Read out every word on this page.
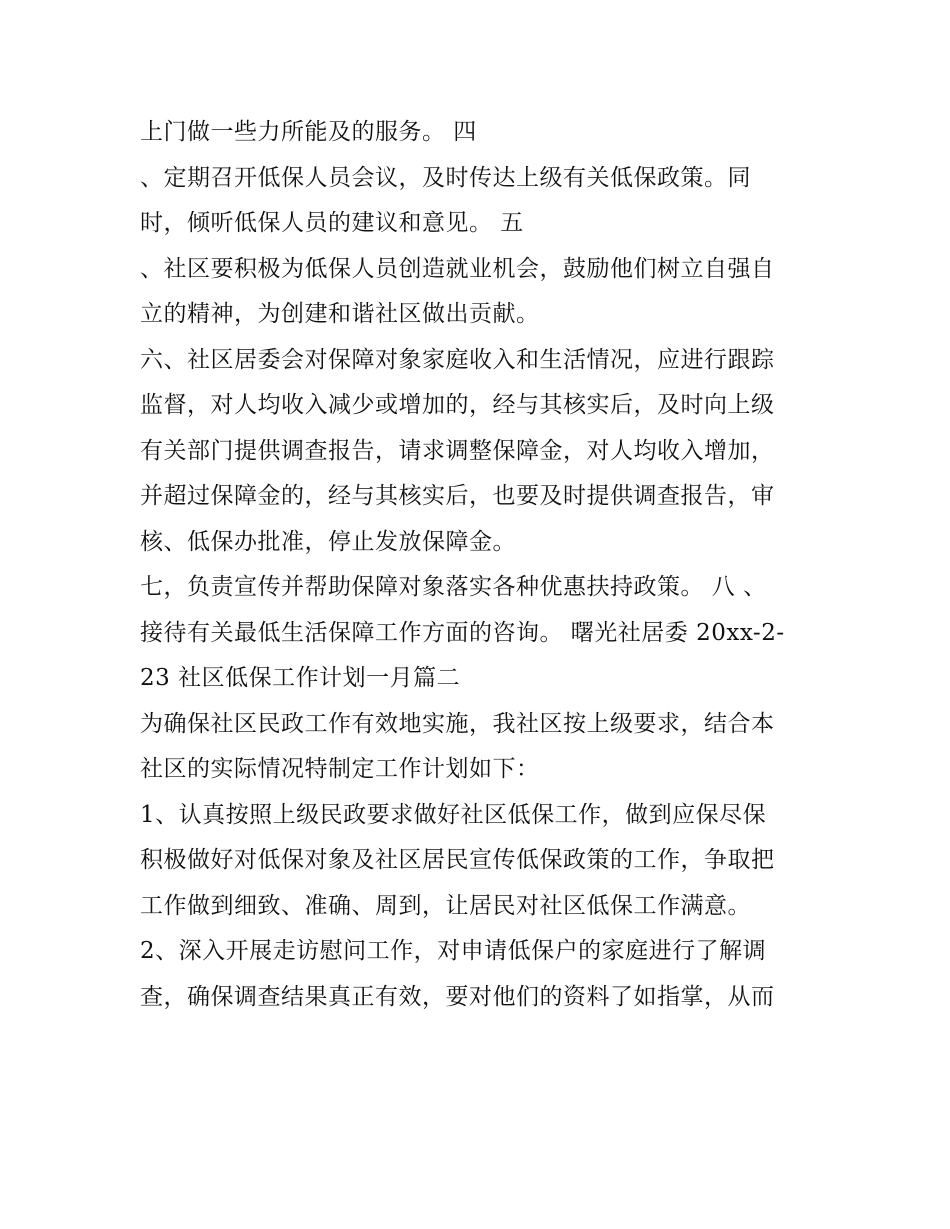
上门做一些力所能及的服务。 四
、定期召开低保人员会议，及时传达上级有关低保政策。同
时，倾听低保人员的建议和意见。 五
、社区要积极为低保人员创造就业机会，鼓励他们树立自强自
立的精神，为创建和谐社区做出贡献。
六、社区居委会对保障对象家庭收入和生活情况，应进行跟踪
监督，对人均收入减少或增加的，经与其核实后，及时向上级
有关部门提供调查报告，请求调整保障金，对人均收入增加，
并超过保障金的，经与其核实后，也要及时提供调查报告，审
核、低保办批准，停止发放保障金。
七，负责宣传并帮助保障对象落实各种优惠扶持政策。 八 、
接待有关最低生活保障工作方面的咨询。 曙光社居委 20xx-2-
23 社区低保工作计划一月篇二
为确保社区民政工作有效地实施，我社区按上级要求，结合本
社区的实际情况特制定工作计划如下：
1、认真按照上级民政要求做好社区低保工作，做到应保尽保
积极做好对低保对象及社区居民宣传低保政策的工作，争取把
工作做到细致、准确、周到，让居民对社区低保工作满意。
2、深入开展走访慰问工作，对申请低保户的家庭进行了解调
查，确保调查结果真正有效，要对他们的资料了如指掌，从而
